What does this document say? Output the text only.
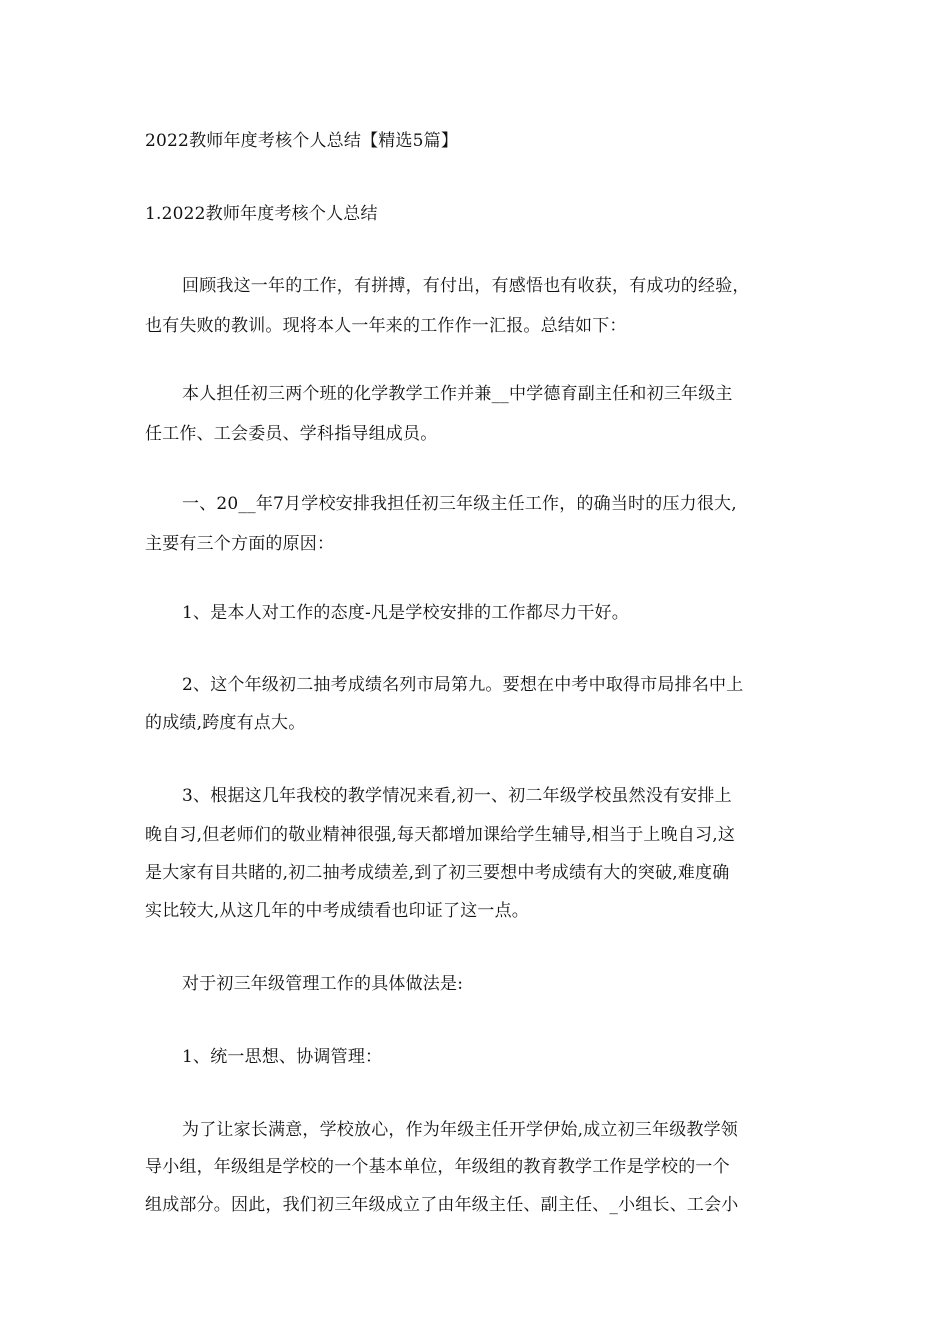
2022教师年度考核个人总结【精选5篇】
1.2022教师年度考核个人总结
回顾我这一年的工作，有拼搏，有付出，有感悟也有收获，有成功的经验，
也有失败的教训。现将本人一年来的工作作一汇报。总结如下：
本人担任初三两个班的化学教学工作并兼__中学德育副主任和初三年级主
任工作、工会委员、学科指导组成员。
一、20__年7月学校安排我担任初三年级主任工作，的确当时的压力很大,
主要有三个方面的原因：
1、是本人对工作的态度-凡是学校安排的工作都尽力干好。
2、这个年级初二抽考成绩名列市局第九。要想在中考中取得市局排名中上
的成绩,跨度有点大。
3、根据这几年我校的教学情况来看,初一、初二年级学校虽然没有安排上
晚自习,但老师们的敬业精神很强,每天都增加课给学生辅导,相当于上晚自习,这
是大家有目共睹的,初二抽考成绩差,到了初三要想中考成绩有大的突破,难度确
实比较大,从这几年的中考成绩看也印证了这一点。
对于初三年级管理工作的具体做法是:
1、统一思想、协调管理：
为了让家长满意，学校放心，作为年级主任开学伊始,成立初三年级教学领
导小组，年级组是学校的一个基本单位，年级组的教育教学工作是学校的一个
组成部分。因此，我们初三年级成立了由年级主任、副主任、_小组长、工会小
